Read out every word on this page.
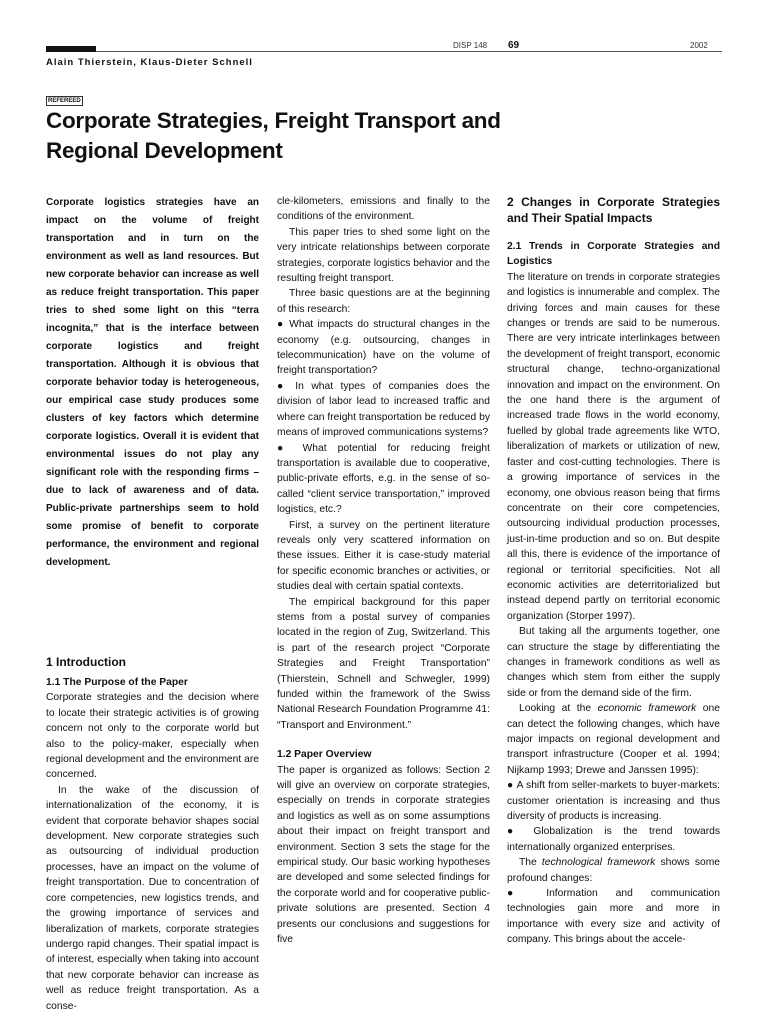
DISP 148 69	2002
Alain Thierstein, Klaus-Dieter Schnell
REFEREED
Corporate Strategies, Freight Transport and Regional Development

Corporate logistics strategies have an impact on the volume of freight transportation and in turn on the environment as well as land resources. But new corporate behavior can increase as well as reduce freight transportation. This paper tries to shed some light on this “terra incognita,” that is the interface between corporate logistics and freight transportation. Although it is obvious that corporate behavior today is heterogeneous, our empirical case study produces some clusters of key factors which determine corporate logistics. Overall it is evident that environmental issues do not play any significant role with the responding firms – due to lack of awareness and of data. Public-private partnerships seem to hold some promise of benefit to corporate performance, the environment and regional development.

1 Introduction

1.1 The Purpose of the Paper

Corporate strategies and the decision where to locate their strategic activities is of growing concern not only to the corporate world but also to the policy-maker, especially when regional development and the environment are concerned.

In the wake of the discussion of internationalization of the economy, it is evident that corporate behavior shapes social development. New corporate strategies such as outsourcing of individual production processes, have an impact on the volume of freight transportation. Due to concentration of core competencies, new logistics trends, and the growing importance of services and liberalization of markets, corporate strategies undergo rapid changes. Their spatial impact is of interest, especially when taking into account that new corporate behavior can increase as well as reduce freight transportation. As a conse-

cle-kilometers, emissions and finally to the conditions of the environment.

This paper tries to shed some light on the very intricate relationships between corporate strategies, corporate logistics behavior and the resulting freight transport.

Three basic questions are at the beginning of this research:

● What impacts do structural changes in the economy (e.g. outsourcing, changes in telecommunication) have on the volume of freight transportation?

● In what types of companies does the division of labor lead to increased traffic and where can freight transportation be reduced by means of improved communications systems?

● What potential for reducing freight transportation is available due to cooperative, public-private efforts, e.g. in the sense of so-called “client service transportation,” improved logistics, etc.?

First, a survey on the pertinent literature reveals only very scattered information on these issues. Either it is case-study material for specific economic branches or activities, or studies deal with certain spatial contexts.

The empirical background for this paper stems from a postal survey of companies located in the region of Zug, Switzerland. This is part of the research project “Corporate Strategies and Freight Transportation” (Thierstein, Schnell and Schwegler, 1999) funded within the framework of the Swiss National Research Foundation Programme 41: “Transport and Environment.”

1.2 Paper Overview

The paper is organized as follows: Section 2 will give an overview on corporate strategies, especially on trends in corporate strategies and logistics as well as on some assumptions about their impact on freight transport and environment. Section 3 sets the stage for the empirical study. Our basic working hypotheses are developed and some selected findings for the corporate world and for cooperative public-private solutions are presented. Section 4 presents our conclusions and suggestions for five

2 Changes in Corporate Strategies and Their Spatial Impacts

2.1 Trends in Corporate Strategies and Logistics

The literature on trends in corporate strategies and logistics is innumerable and complex. The driving forces and main causes for these changes or trends are said to be numerous. There are very intricate interlinkages between the development of freight transport, economic structural change, techno-organizational innovation and impact on the environment. On the one hand there is the argument of increased trade flows in the world economy, fuelled by global trade agreements like WTO, liberalization of markets or utilization of new, faster and cost-cutting technologies. There is a growing importance of services in the economy, one obvious reason being that firms concentrate on their core competencies, outsourcing individual production processes, just-in-time production and so on. But despite all this, there is evidence of the importance of regional or territorial specificities. Not all economic activities are deterritorialized but instead depend partly on territorial economic organization (Storper 1997).

But taking all the arguments together, one can structure the stage by differentiating the changes in framework conditions as well as changes which stem from either the supply side or from the demand side of the firm.

Looking at the economic framework one can detect the following changes, which have major impacts on regional development and transport infrastructure (Cooper et al. 1994; Nijkamp 1993; Drewe and Janssen 1995):

● A shift from seller-markets to buyer-markets: customer orientation is increasing and thus diversity of products is increasing.

● Globalization is the trend towards internationally organized enterprises.

The technological framework shows some profound changes:

● Information and communication technologies gain more and more in importance with every size and activity of company. This brings about the accele-
